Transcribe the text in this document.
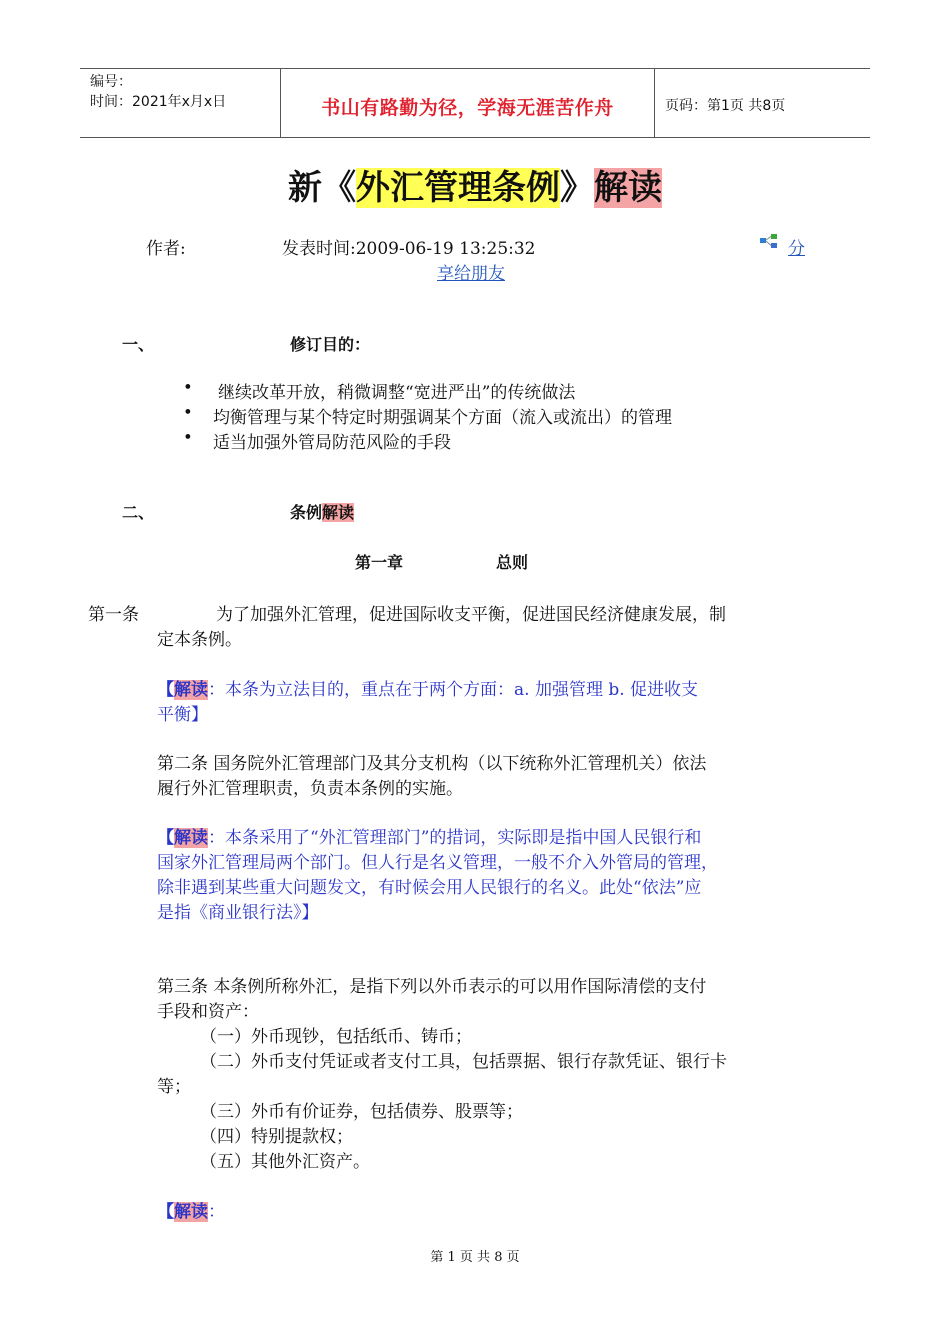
编号：
时间：2021年x月x日	书山有路勤为径，学海无涯苦作舟	页码：第1页 共8页
新《外汇管理条例》解读
作者:	发表时间:2009-06-19 13:25:32	分
享给朋友
一、	修订目的：
• 继续改革开放，稍微调整“宽进严出”的传统做法
• 均衡管理与某个特定时期强调某个方面（流入或流出）的管理
• 适当加强外管局防范风险的手段
二、	条例解读
第一章	总则
第一条	为了加强外汇管理，促进国际收支平衡，促进国民经济健康发展，制
定本条例。
【解读：本条为立法目的，重点在于两个方面：a. 加强管理 b. 促进收支
平衡】
第二条 国务院外汇管理部门及其分支机构（以下统称外汇管理机关）依法
履行外汇管理职责，负责本条例的实施。
【解读：本条采用了“外汇管理部门”的措词，实际即是指中国人民银行和
国家外汇管理局两个部门。但人行是名义管理，一般不介入外管局的管理，
除非遇到某些重大问题发文，有时候会用人民银行的名义。此处“依法”应
是指《商业银行法》】
第三条 本条例所称外汇，是指下列以外币表示的可以用作国际清偿的支付
手段和资产：
（一）外币现钞，包括纸币、铸币；
（二）外币支付凭证或者支付工具，包括票据、银行存款凭证、银行卡
等；
（三）外币有价证券，包括债券、股票等；
（四）特别提款权；
（五）其他外汇资产。
【解读：
第 1 页 共 8 页
